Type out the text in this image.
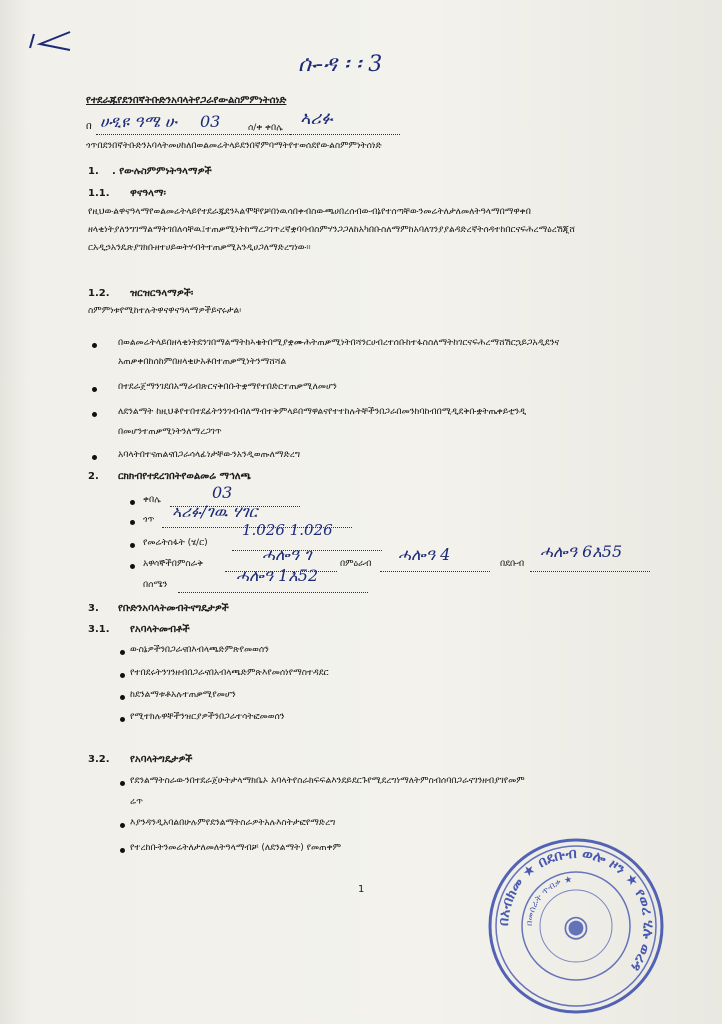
ሱ-ዳ ፡ ፡ 3
የተደራጁየደንበኛትቡድንአባላትየጋራየውልስምምነትሰነድ
በ ሀዲዩ ዓሜ ሁ 03	ሰ/ቀ ቀበሌ ኣሪፉ
ጎጥበደንበኛትቡድንአባላትመሀከለበወልመሬትላይደንበኛምባማትየተወሰደየውልስምምነትሰነድ
1. . የውሉስምምነትዓላማዎች
1.1. ዋናዓላማ፡
የዚህውልዋናዓላማየወልመሬትላይየተደራጁደንኣልሞቸየቻበነዉሳበቀብስውጫሀበረሰብውብኔየተሰጣቸውንመሬትለታለመለትዓላማበማዋቀበ
ዘላቂነትያለንግገማልማትገበለሳቸዉ፤ተጠቃሚነትከማረጋገጥረኛቋባባብስምሃንጋጋለከአካበቡስለማምከአባለገንያያልዳድረኛትሰዳተከበርናፍሕረማዕረሽጂሸ
ርአዲኃአንዴጽያገክቡዘተሀይወትሃብትተጠቃሚአንዲሀጋለማድረግነው።
1.2. ዝርዝርዓላማዎች፡
ስምምነቱየሚከተሉትዋናዋናዓላማዎችይኖሩታል፡
በወልመሬትላይበዘላቂነትደንገበማልማትከኣቄትበሚያቋሙሕትጠቃሚነትበሻንርሀብረተሰቡከተፋስስለማትከገርናፍሕረማሸሽርኋይጋአዲደንና
አጠቃቀበከሰከምበዘላቂሁአቶበተጠቃሚነትንማሸሻል
በተደራጀማንገደበአማራብጽርናቅበቡትቋማየተበድርተጠቃሚለመሆን
ለደንልማት ከዚህቆየተበተደፊትንንገብብለማብተቅምላይበማዋልናየተተከሉትቸችንበጋራበመንከባከብበሚዲደቅቡቋትጤቀይቲንዲ
በመሆንተጠቃሚነትንለማረጋገጥ
አባላትበተናጠልናበጋራሳላፊነታቸውንአንዲወጡለማድረግ
2. ርክክብየተደረገበትየወልመሬ ማኅለጫ
ቀበሌ	03
ጎጥ ኣሪፉ/ገዉ ሃገር
የመሬትስፋት (ሄ/ር)
1.026 1.026
አዋሳኞችበምስራቅ	ሓሎዓ ገ	በምዕራብ ሓሎዓ 4	በደቡብ
ሓሎዓ 6እ55
በሰሜን	ሓሎዓ 1እ52
3. የቡድንአባላትመብትናግዴታዎች
3.1. የአባላትመብቶች
ውስኔዎችንበጋራናበእብላጫድምጽየመወሰን
የተበደሩትንገንዘብበጋራናበአብላጫድምጽእየመሰነየማስተዳደር
ከደንልማቱቶአሉተጠቃሚየመሆን
የሚተክሉዋቸችንዝርያዎችንበጋራተሳትፎመወሰን
3.2. የአባላትግዴታዎች
የደንልማትስራውንበተደራጀሁትታላማክቤኦ አባላትየስራክፍፍልእንደይደርጉየሚደረግነማለትምስብሰባበጋራናገንዘብያገየመም
ሬጥ
እያንዳንዲአባልበሁሉምየደንልማትስራዎትአሉእስትታፎየማድረግ
የተረከቡትንመሬትለታለመለትዓላማብቻ (ለደንልማት) የመጠቀም
1
በአብክመ ★ በደቡብ ወሎ ዞን ★ የወረ ሂሉ ወረዳ
በመሰራት ጥብቃ ★
◉
